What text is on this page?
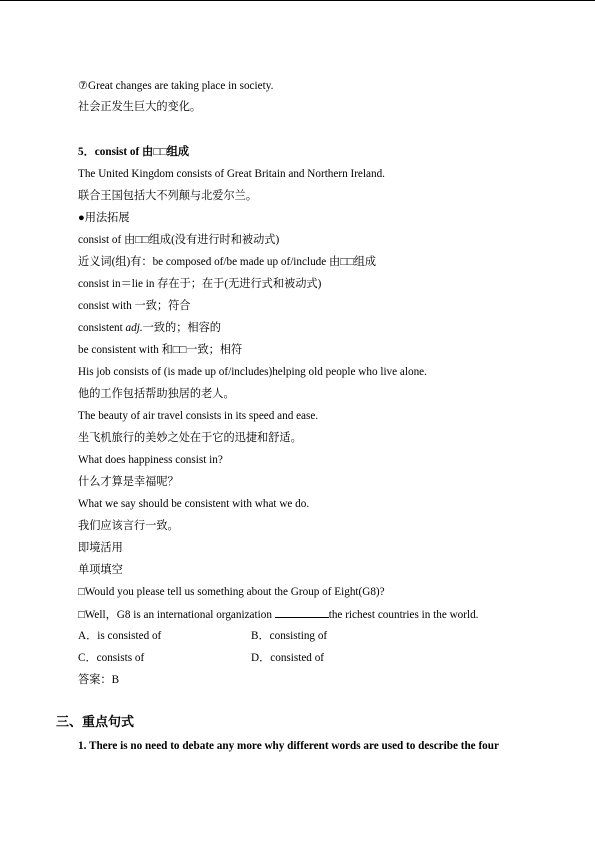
⑦Great changes are taking place in society.
社会正发生巨大的变化。
5．consist of 由□□组成
The United Kingdom consists of Great Britain and Northern Ireland.
联合王国包括大不列颠与北爱尔兰。
●用法拓展
consist of 由□□组成(没有进行时和被动式)
近义词(组)有：be composed of/be made up of/include 由□□组成
consist in＝lie in 存在于；在于(无进行式和被动式)
consist with 一致；符合
consistent adj.一致的；相容的
be consistent with 和□□一致；相符
His job consists of (is made up of/includes)helping old people who live alone.
他的工作包括帮助独居的老人。
The beauty of air travel consists in its speed and ease.
坐飞机旅行的美妙之处在于它的迅捷和舒适。
What does happiness consist in?
什么才算是幸福呢？
What we say should be consistent with what we do.
我们应该言行一致。
即境活用
单项填空
□Would you please tell us something about the Group of Eight(G8)?
□Well，G8 is an international organization	the richest countries in the world.
A．is consisted of	B．consisting of
C．consists of	D．consisted of
答案：B
三、重点句式
1. There is no need to debate any more why different words are used to describe the four
